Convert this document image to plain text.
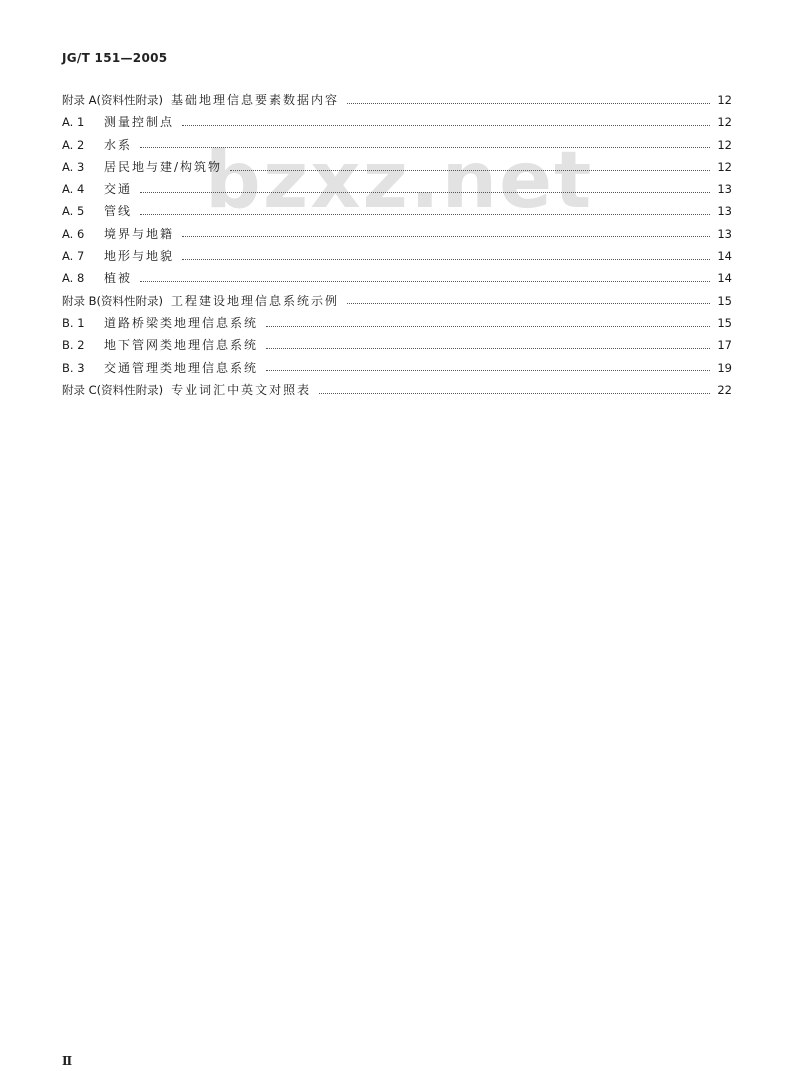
JG/T 151—2005
bzxz.net
附录 A(资料性附录) 基础地理信息要素数据内容	12
A. 1	测量控制点	12
A. 2	水系	12
A. 3	居民地与建/构筑物	12
A. 4	交通	13
A. 5	管线	13
A. 6	境界与地籍	13
A. 7	地形与地貌	14
A. 8	植被	14
附录 B(资料性附录) 工程建设地理信息系统示例	15
B. 1	道路桥梁类地理信息系统	15
B. 2	地下管网类地理信息系统	17
B. 3	交通管理类地理信息系统	19
附录 C(资料性附录) 专业词汇中英文对照表	22
Ⅱ
